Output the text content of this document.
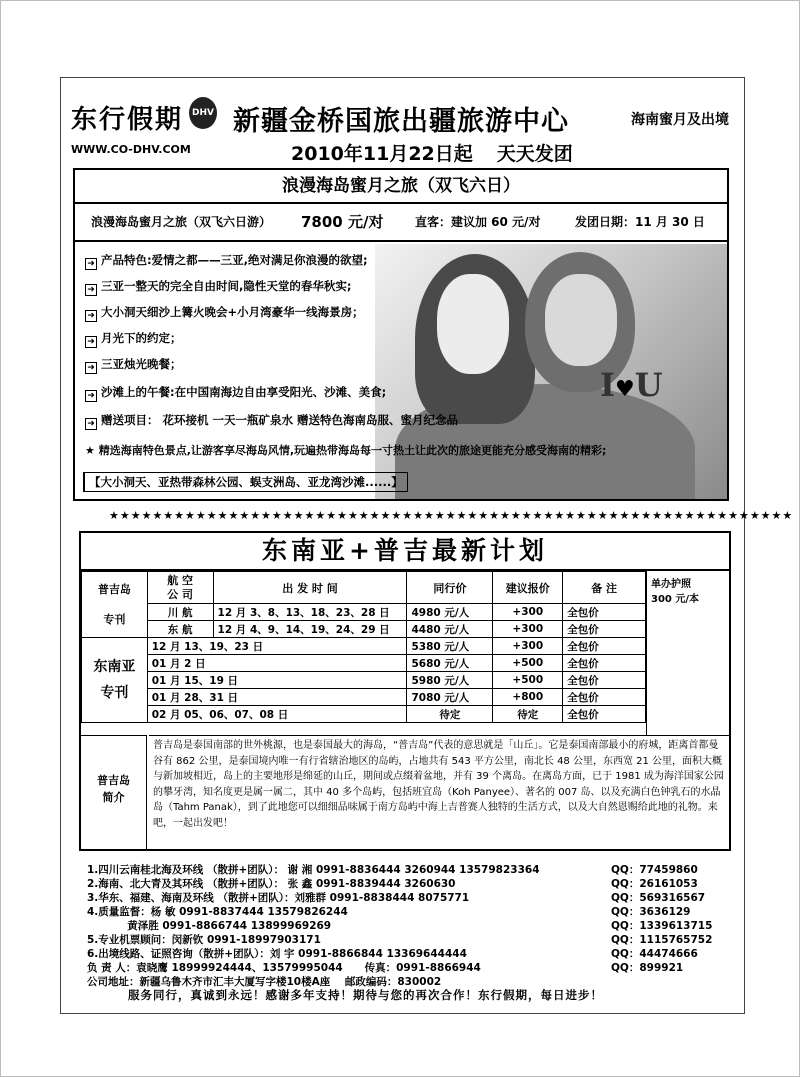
东行假期	DHV
WWW.CO-DHV.COM
新疆金桥国旅出疆旅游中心	海南蜜月及出境
2010年11月22日起 天天发团
浪漫海岛蜜月之旅（双飞六日）
浪漫海岛蜜月之旅（双飞六日游） 7800 元/对	直客：建议加 60 元/对	发团日期：11 月 30 日
I♥U
➜ 产品特色:爱情之都——三亚,绝对满足你浪漫的欲望;
➜ 三亚一整天的完全自由时间,隐性天堂的春华秋实;
➜ 大小洞天细沙上篝火晚会+小月湾豪华一线海景房；
➜ 月光下的约定；
➜ 三亚烛光晚餐；
➜ 沙滩上的午餐:在中国南海边自由享受阳光、沙滩、美食;
➜ 赠送项目： 花环接机 一天一瓶矿泉水 赠送特色海南岛服、蜜月纪念品
★ 精选海南特色景点,让游客享尽海岛风情,玩遍热带海岛每一寸热土让此次的旅途更能充分感受海南的精彩;
【大小洞天、亚热带森林公园、蜈支洲岛、亚龙湾沙滩......】
★★★★★★★★★★★★★★★★★★★★★★★★★★★★★★★★★★★★★★★★★★★★★★★★★★★★★★★★★★★★★★★
东南亚+普吉最新计划
普吉岛
专刊	航 空
公 司	出 发 时 间	同行价	建议报价	备 注
	川 航	12 月 3、8、13、18、23、28 日	4980 元/人	+300	全包价
	东 航	12 月 4、9、14、19、24、29 日	4480 元/人	+300	全包价
东南亚
专刊	12 月 13、19、23 日		5380 元/人	+300	全包价
	01 月 2 日		5680 元/人	+500	全包价
	01 月 15、19 日		5980 元/人	+500	全包价
	01 月 28、31 日		7080 元/人	+800	全包价
	02 月 05、06、07、08 日		待定	待定	全包价
单办护照
300 元/本
普吉岛
简介
普吉岛是泰国南部的世外桃源，也是泰国最大的海岛，“普吉岛”代表的意思就是「山丘」。它是泰国南部最小的府城，距离首都曼谷有 862 公里，是泰国境内唯一有行省辖治地区的岛屿，占地共有 543 平方公里，南北长 48 公里，东西宽 21 公里，面积大概与新加坡相近，岛上的主要地形是绵延的山丘，期间或点缀着盆地，并有 39 个离岛。在离岛方面，已于 1981 成为海洋国家公园的攀牙湾，知名度更是属一属二，其中 40 多个岛屿，包括班宜岛（Koh Panyee）、著名的 007 岛、以及充满白色钟乳石的水晶岛（Tahm Panak），到了此地您可以细细品味属于南方岛屿中海上吉普赛人独特的生活方式，以及大自然恩赐给此地的礼物。来吧，一起出发吧！
1.四川云南桂北海及环线 （散拼+团队）： 谢 湘 0991-8836444 3260944 13579823364	QQ：77459860
2.海南、北大青及其环线 （散拼+团队）： 张 鑫 0991-8839444 3260630	QQ：26161053
3.华东、福建、海南及环线 （散拼+团队）：刘雅群 0991-8838444 8075771	QQ：569316567
4.质量监督：杨 敏 0991-8837444 13579826244	QQ：3636129
黄泽胜 0991-8866744 13899969269	QQ：1339613715
5.专业机票顾问：闵新钦 0991-18997903171	QQ：1115765752
6.出境线路、证照咨询（散拼+团队）：刘 宇 0991-8866844 13369644444	QQ：44474666
负 责 人：袁晓鹰 18999924444、13579995044      传真：0991-8866944	QQ：899921
公司地址：新疆乌鲁木齐市汇丰大厦写字楼10楼A座    邮政编码：830002
服务同行，真诚到永远！感谢多年支持！期待与您的再次合作！东行假期，每日进步！
